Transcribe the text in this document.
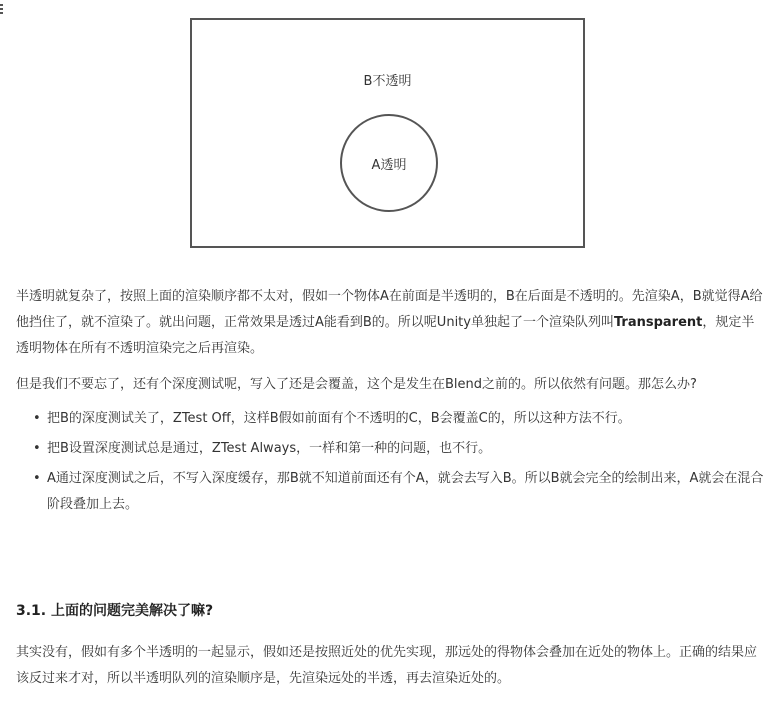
B不透明
A透明

半透明就复杂了，按照上面的渲染顺序都不太对，假如一个物体A在前面是半透明的，B在后面是不透明的。先渲染A，B就觉得A给他挡住了，就不渲染了。就出问题，正常效果是透过A能看到B的。所以呢Unity单独起了一个渲染队列叫Transparent，规定半透明物体在所有不透明渲染完之后再渲染。

但是我们不要忘了，还有个深度测试呢，写入了还是会覆盖，这个是发生在Blend之前的。所以依然有问题。那怎么办?

• 把B的深度测试关了，ZTest Off，这样B假如前面有个不透明的C，B会覆盖C的，所以这种方法不行。
• 把B设置深度测试总是通过，ZTest Always，一样和第一种的问题，也不行。
• A通过深度测试之后，不写入深度缓存，那B就不知道前面还有个A，就会去写入B。所以B就会完全的绘制出来，A就会在混合阶段叠加上去。
3.1. 上面的问题完美解决了嘛?

其实没有，假如有多个半透明的一起显示，假如还是按照近处的优先实现，那远处的得物体会叠加在近处的物体上。正确的结果应该反过来才对，所以半透明队列的渲染顺序是，先渲染远处的半透，再去渲染近处的。
